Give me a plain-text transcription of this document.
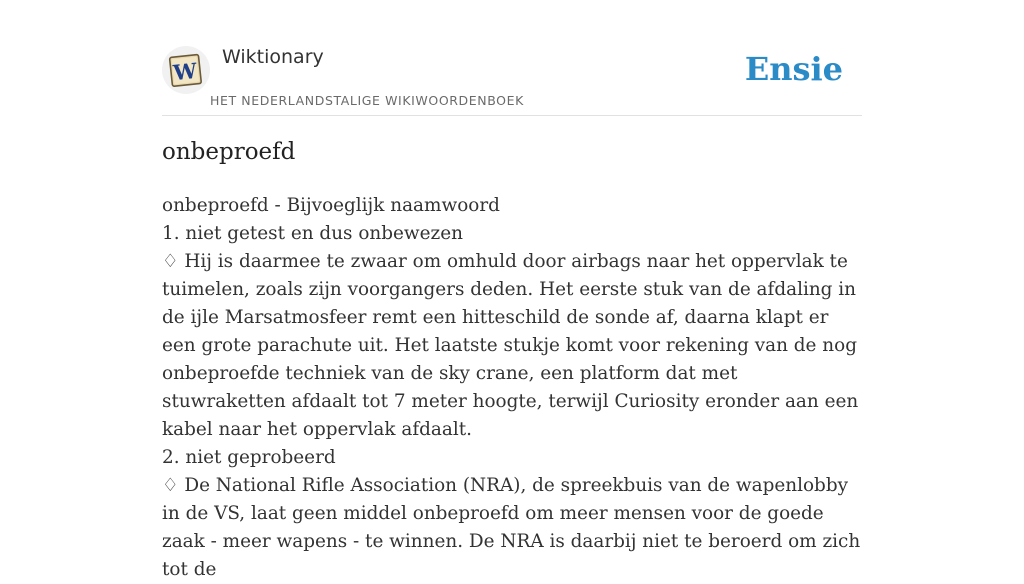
W
Wiktionary
HET NEDERLANDSTALIGE WIKIWOORDENBOEK
Ensie
onbeproefd

onbeproefd - Bijvoeglijk naamwoord

1. niet getest en dus onbewezen

♢ Hij is daarmee te zwaar om omhuld door airbags naar het oppervlak te tuimelen, zoals zijn voorgangers deden. Het eerste stuk van de afdaling in de ijle Marsatmosfeer remt een hitteschild de sonde af, daarna klapt er een grote parachute uit. Het laatste stukje komt voor rekening van de nog onbeproefde techniek van de sky crane, een platform dat met stuwraketten afdaalt tot 7 meter hoogte, terwijl Curiosity eronder aan een kabel naar het oppervlak afdaalt.

2. niet geprobeerd

♢ De National Rifle Association (NRA), de spreekbuis van de wapenlobby in de VS, laat geen middel onbeproefd om meer mensen voor de goede zaak - meer wapens - te winnen. De NRA is daarbij niet te beroerd om zich tot de
